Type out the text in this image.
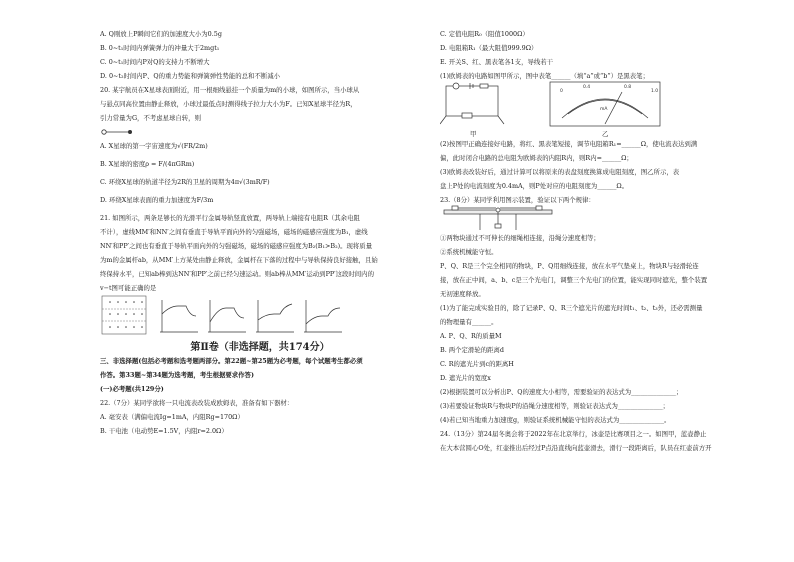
A. Q刚放上P瞬间它们的加速度大小为0.5g
B. 0~t₁时间内弹簧弹力的冲量大于2mgt₁
C. 0~t₁时间内P对Q的支持力不断增大
D. 0~t₂时间内P、Q的重力势能和弹簧弹性势能的总和不断减小
20. 某宇航员在X星球表面附近，用一根细线悬挂一个质量为m的小球，如图所示，当小球从
与悬点同高位置由静止释放，小球过最低点时测得线子拉力大小为F。已知X星球半径为R，
引力常量为G，不考虑星球自转，则
A. X星球的第一宇宙速度为√(FR/2m)
B. X星球的密度ρ = F/(4πGRm)
C. 环绕X星球的轨道半径为2R的卫星的周期为4π√(3mR/F)
D. 环绕X星球表面的重力加速度为F/3m
21. 如图所示，两条足够长的光滑平行金属导轨竖直放置，两导轨上端接有电阻R（其余电阻
不计），虚线MM′和NN′之间有垂直于导轨平面向外的匀强磁场，磁场的磁感应强度为B₁，虚线
NN′和PP′之间也有垂直于导轨平面向外的匀强磁场，磁场的磁感应强度为B₂(B₁>B₂)。现将质量
为m的金属杆ab，从MM′上方某处由静止释放，金属杆在下落的过程中与导轨保持良好接触，且始
终保持水平，已知ab棒到达NN′和PP′之前已经匀速运动。则ab棒从MM′运动到PP′这段时间内的
v−t图可能正确的是
第Ⅱ卷（非选择题，共174分）
三、非选择题(包括必考题和选考题两部分。第22题~第25题为必考题，每个试题考生都必须
作答。第33题~第34题为选考题，考生根据要求作答)
(一)必考题(共129分)
22.（7分）某同学欲将一只电流表改装成欧姆表，准备有如下器材：
A. 毫安表（满偏电流Ig=1mA，内阻Rg=170Ω）
B. 干电池（电动势E=1.5V，内阻r=2.0Ω）
C. 定值电阻R₀（阻值1000Ω）
D. 电阻箱R₁（最大阻值999.9Ω）
E. 开关S、红、黑表笔各1支，导线若干
(1)欧姆表的电路如图甲所示，图中表笔______（填“a”或“b”）是黑表笔；
0
0.4	0.8
1.0
mA
甲	乙
(2)按图甲正确连接好电路，将红、黑表笔短接，调节电阻箱R₁=______Ω，使电流表达到满
偏，此时闭合电路的总电阻为欧姆表的内阻R内，则R内=______Ω；
(3)欧姆表改装好后，通过计算可以将原来的表盘刻度换算成电阻刻度，图乙所示，表
盘上P处的电流刻度为0.4mA，则P处对应的电阻刻度为______Ω。
23.（8分）某同学利用图示装置，验证以下两个规律：
①两物块通过不可伸长的细绳相连接，沿绳分速度相等；
②系统机械能守恒。
P、Q、R是三个完全相同的物块，P、Q用细线连接，放在水平气垫桌上，物块R与轻滑轮连
接，放在正中间，a、b、c是三个光电门，调整三个光电门的位置，能实现同时遮光，整个装置
无初速度释放。
(1)为了能完成实验目的，除了记录P、Q、R三个遮光片的遮光时间t₁、t₂、t₃外，还必需测量
的物理量有______。
A. P、Q、R的质量M
B. 两个定滑轮的距离d
C. R的遮光片到c的距离H
D. 遮光片的宽度x
(2)根据装置可以分析出P、Q的速度大小相等，需要验证的表达式为______________；
(3)若要验证物块R与物块P的沿绳分速度相等，则验证表达式为______________；
(4)若已知当地重力加速度g，则验证系统机械能守恒的表达式为______________。
24.（13分）第24届冬奥会将于2022年在北京举行，冰壶是比赛项目之一。如图甲，蓝壶静止
在大本营圆心O处，红壶推出后经过P点沿直线向蓝壶滑去，滑行一段距离后，队员在红壶前方开
